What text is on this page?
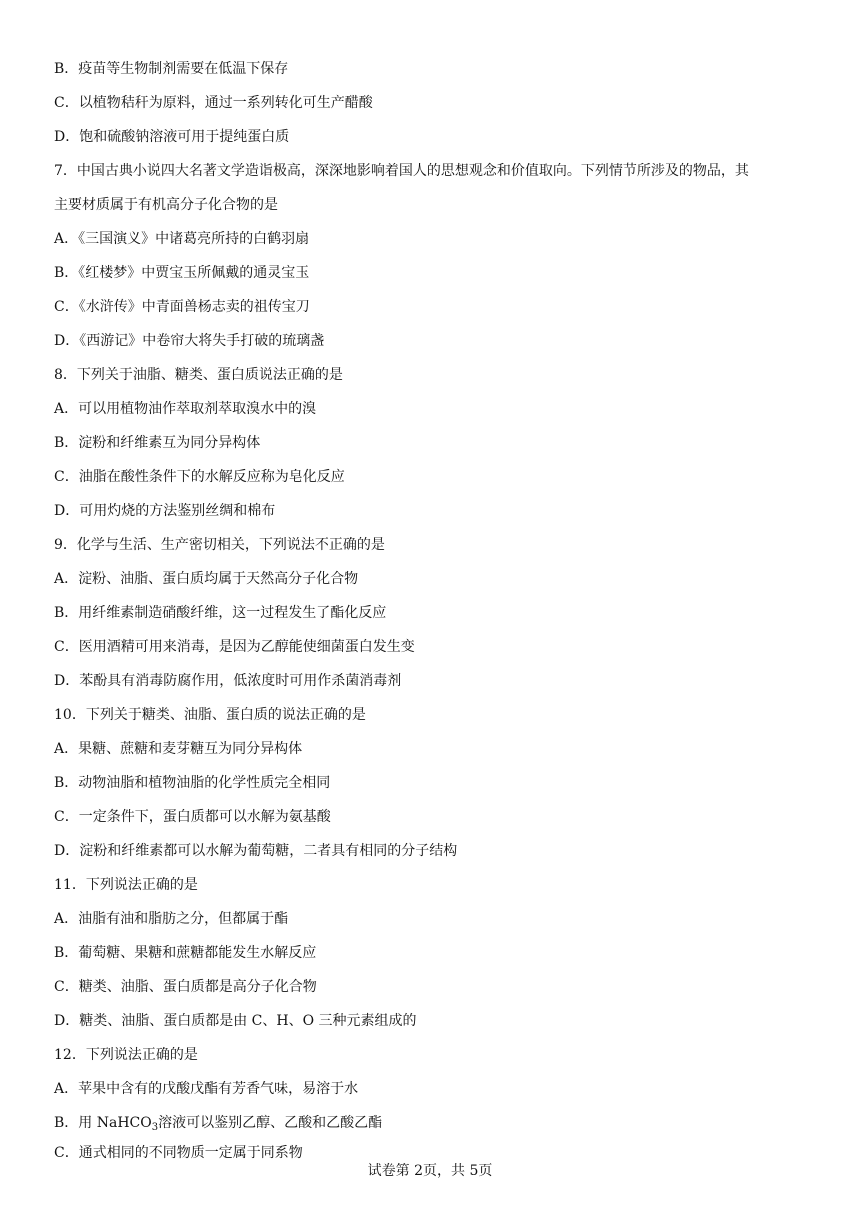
B．疫苗等生物制剂需要在低温下保存
C．以植物秸秆为原料，通过一系列转化可生产醋酸
D．饱和硫酸钠溶液可用于提纯蛋白质
7．中国古典小说四大名著文学造诣极高，深深地影响着国人的思想观念和价值取向。下列情节所涉及的物品，其
主要材质属于有机高分子化合物的是
A．《三国演义》中诸葛亮所持的白鹤羽扇
B．《红楼梦》中贾宝玉所佩戴的通灵宝玉
C．《水浒传》中青面兽杨志卖的祖传宝刀
D．《西游记》中卷帘大将失手打破的琉璃盏
8．下列关于油脂、糖类、蛋白质说法正确的是
A．可以用植物油作萃取剂萃取溴水中的溴
B．淀粉和纤维素互为同分异构体
C．油脂在酸性条件下的水解反应称为皂化反应
D．可用灼烧的方法鉴别丝绸和棉布
9．化学与生活、生产密切相关，下列说法不正确的是
A．淀粉、油脂、蛋白质均属于天然高分子化合物
B．用纤维素制造硝酸纤维，这一过程发生了酯化反应
C．医用酒精可用来消毒，是因为乙醇能使细菌蛋白发生变
D．苯酚具有消毒防腐作用，低浓度时可用作杀菌消毒剂
10．下列关于糖类、油脂、蛋白质的说法正确的是
A．果糖、蔗糖和麦芽糖互为同分异构体
B．动物油脂和植物油脂的化学性质完全相同
C．一定条件下，蛋白质都可以水解为氨基酸
D．淀粉和纤维素都可以水解为葡萄糖，二者具有相同的分子结构
11．下列说法正确的是
A．油脂有油和脂肪之分，但都属于酯
B．葡萄糖、果糖和蔗糖都能发生水解反应
C．糖类、油脂、蛋白质都是高分子化合物
D．糖类、油脂、蛋白质都是由 C、H、O 三种元素组成的
12．下列说法正确的是
A．苹果中含有的戊酸戊酯有芳香气味，易溶于水
B．用 NaHCO$_3$溶液可以鉴别乙醇、乙酸和乙酸乙酯
C．通式相同的不同物质一定属于同系物
试卷第 2页，共 5页
